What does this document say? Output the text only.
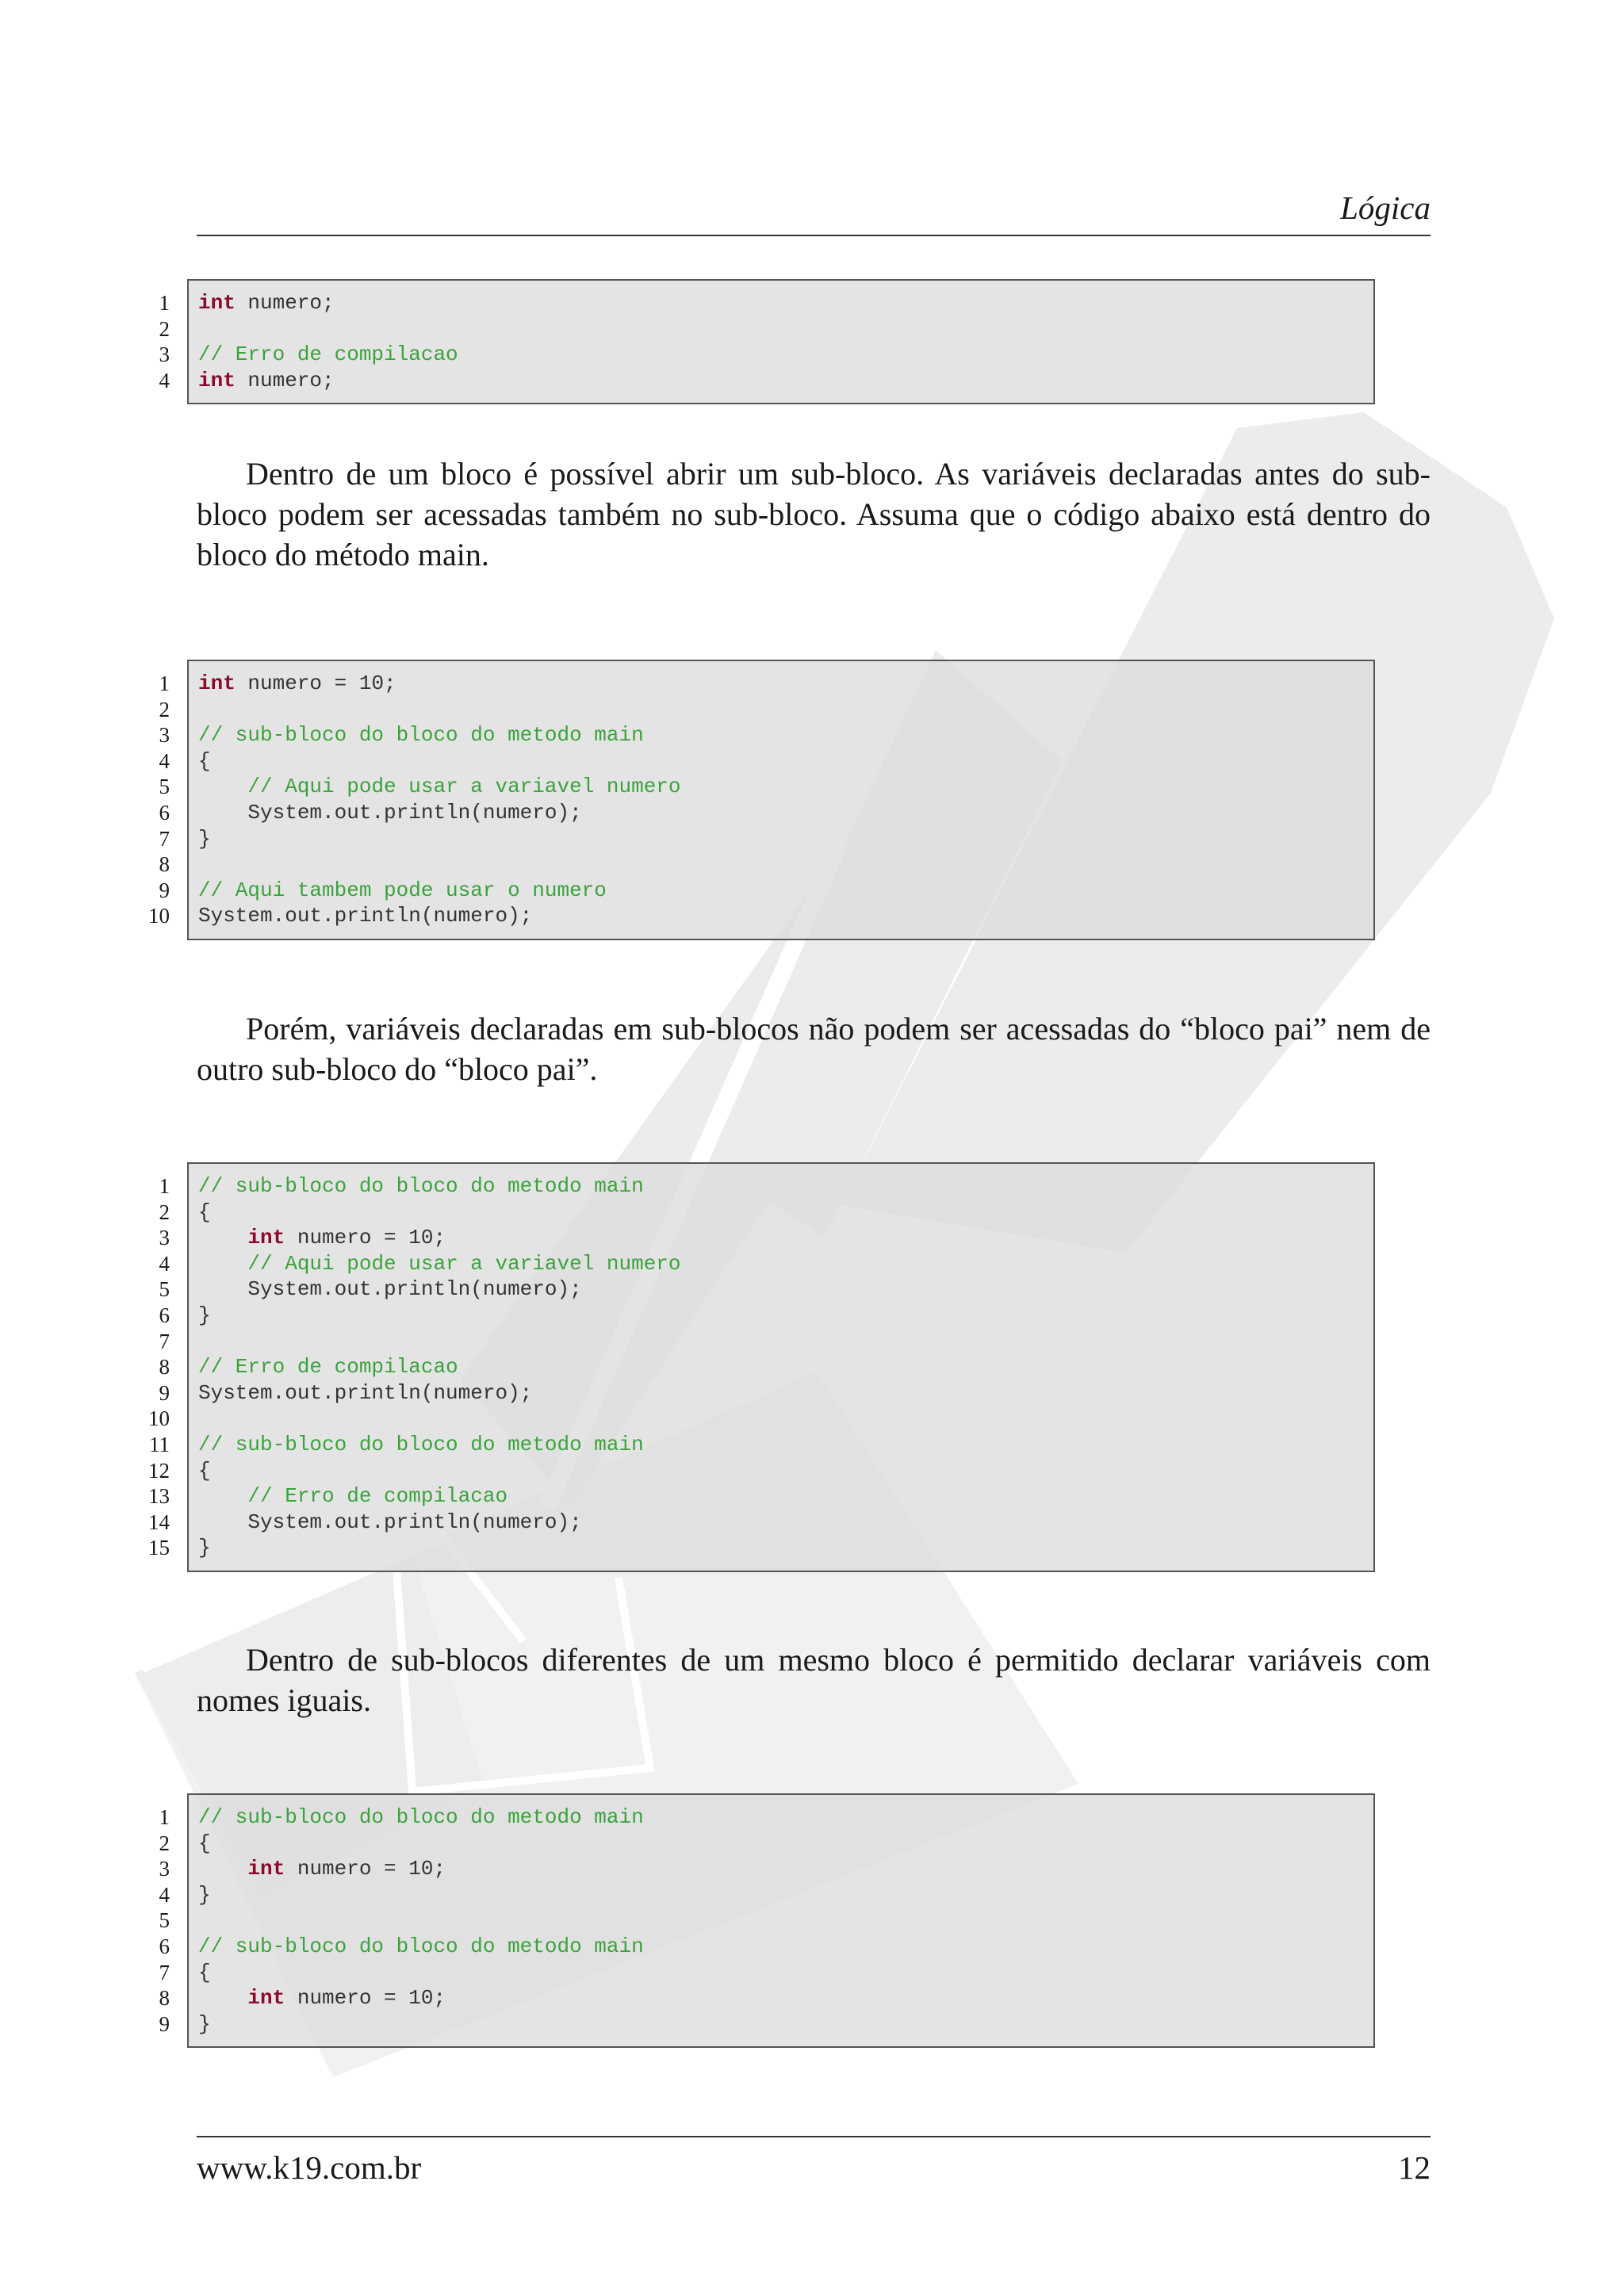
Lógica
1
2
3
4
int numero;
// Erro de compilacao
int numero;

Dentro de um bloco é possível abrir um sub-bloco. As variáveis declaradas antes do sub-bloco podem ser acessadas também no sub-bloco. Assuma que o código abaixo está dentro do bloco do método main.

1
2
3
4
5
6
7
8
9
10
int numero = 10;
// sub-bloco do bloco do metodo main
{
// Aqui pode usar a variavel numero
System.out.println(numero);
}
// Aqui tambem pode usar o numero
System.out.println(numero);

Porém, variáveis declaradas em sub-blocos não podem ser acessadas do “bloco pai” nem de outro sub-bloco do “bloco pai”.

1
2
3
4
5
6
7
8
9
10
11
12
13
14
15
// sub-bloco do bloco do metodo main
{
int numero = 10;
// Aqui pode usar a variavel numero
System.out.println(numero);
}
// Erro de compilacao
System.out.println(numero);
// sub-bloco do bloco do metodo main
{
// Erro de compilacao
System.out.println(numero);
}

Dentro de sub-blocos diferentes de um mesmo bloco é permitido declarar variáveis com nomes iguais.

1
2
3
4
5
6
7
8
9
// sub-bloco do bloco do metodo main
{
int numero = 10;
}
// sub-bloco do bloco do metodo main
{
int numero = 10;
}
www.k19.com.br	12
